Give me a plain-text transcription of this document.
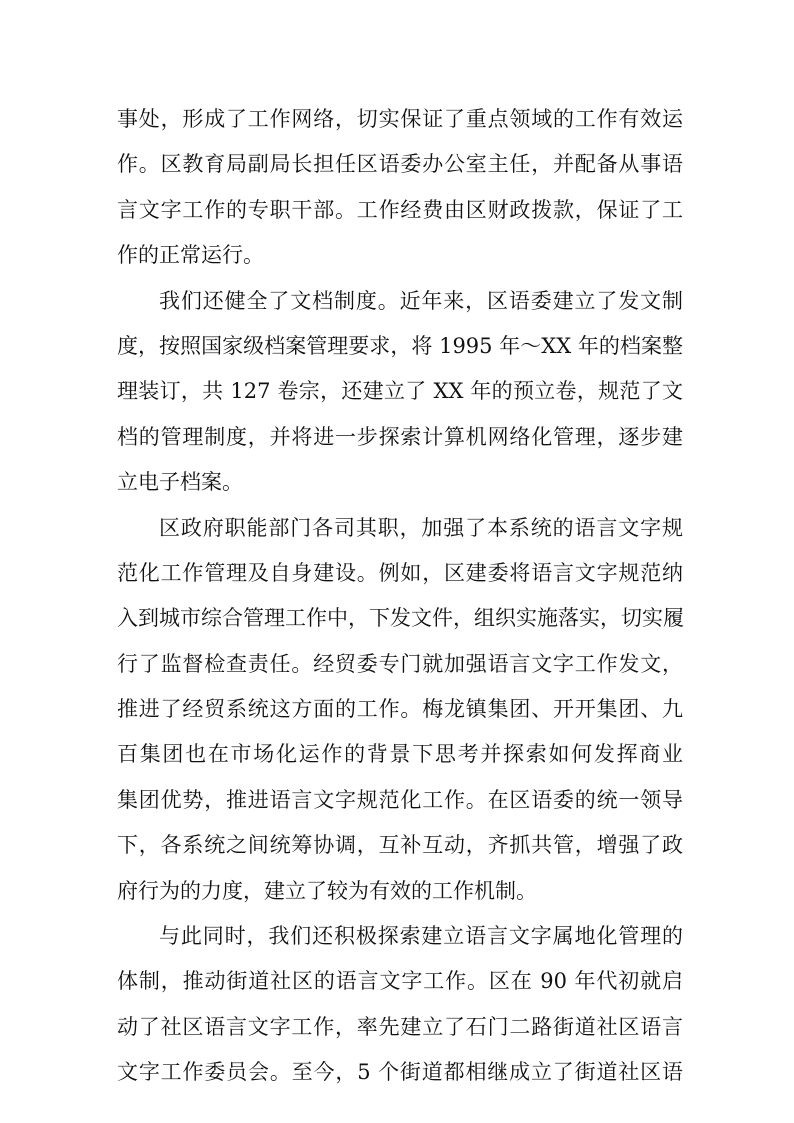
事处，形成了工作网络，切实保证了重点领域的工作有效运
作。区教育局副局长担任区语委办公室主任，并配备从事语
言文字工作的专职干部。工作经费由区财政拨款，保证了工
作的正常运行。
我们还健全了文档制度。近年来，区语委建立了发文制
度，按照国家级档案管理要求，将 1995 年～XX 年的档案整
理装订，共 127 卷宗，还建立了 XX 年的预立卷，规范了文
档的管理制度，并将进一步探索计算机网络化管理，逐步建
立电子档案。
区政府职能部门各司其职，加强了本系统的语言文字规
范化工作管理及自身建设。例如，区建委将语言文字规范纳
入到城市综合管理工作中，下发文件，组织实施落实，切实履
行了监督检查责任。经贸委专门就加强语言文字工作发文，
推进了经贸系统这方面的工作。梅龙镇集团、开开集团、九
百集团也在市场化运作的背景下思考并探索如何发挥商业
集团优势，推进语言文字规范化工作。在区语委的统一领导
下，各系统之间统筹协调，互补互动，齐抓共管，增强了政
府行为的力度，建立了较为有效的工作机制。
与此同时，我们还积极探索建立语言文字属地化管理的
体制，推动街道社区的语言文字工作。区在 90 年代初就启
动了社区语言文字工作，率先建立了石门二路街道社区语言
文字工作委员会。至今，5 个街道都相继成立了街道社区语
